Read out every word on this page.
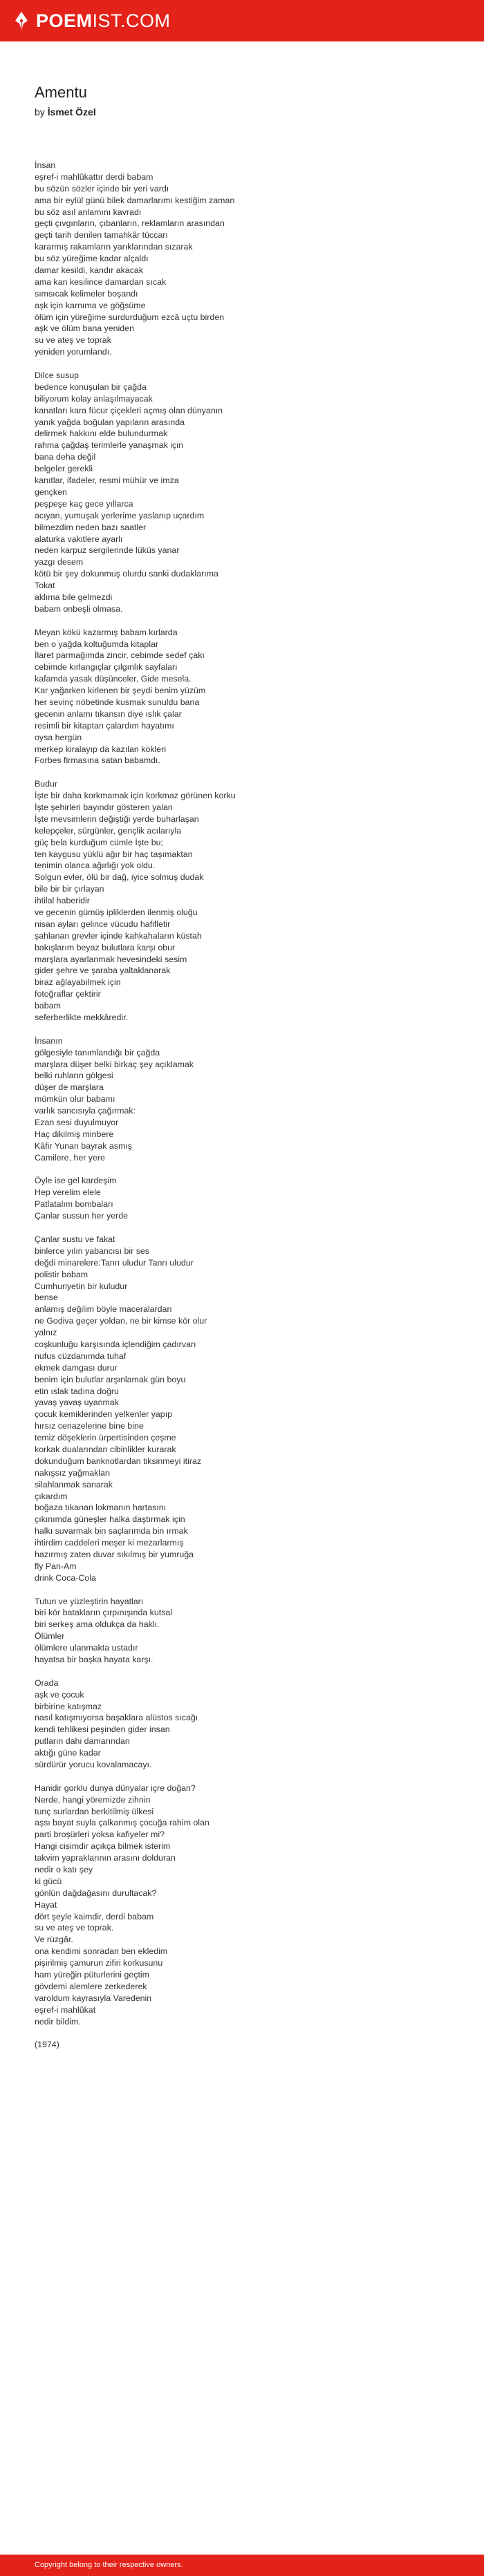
POEMIST.COM
Amentu
by İsmet Özel
İnsan
eşref-i mahlûkattır derdi babam
bu sözün sözler içinde bir yeri vardı
ama bir eylül günü bilek damarlarımı kestiğim zaman
bu söz asıl anlamını kavradı
geçti çıvgınların, çıbanların, reklamların arasından
geçti tarih denilen tamahkâr tüccarı
kararmış rakamların yarıklarından sızarak
bu söz yüreğime kadar alçaldı
damar kesildi, kandır akacak
ama kan kesilince damardan sıcak
sımsıcak kelimeler boşandı
aşk için karnıma ve göğsüme
ölüm için yüreğime surdurduğum ezcâ uçtu birden
aşk ve ölüm bana yeniden
su ve ateş ve toprak
yeniden yorumlandı.
Dilce susup
bedence konuşulan bir çağda
biliyorum kolay anlaşılmayacak
kanatları kara fücur çiçekleri açmış olan dünyanın
yanık yağda boğulan yapıların arasında
delirmek hakkını elde bulundurmak
rahma çağdaş terimlerle yanaşmak için
bana deha değil
belgeler gerekli
kanıtlar, ifadeler, resmi mühür ve imza
gençken
peşpeşe kaç gece yıllarca
acıyan, yumuşak yerlerime yaslanıp uçardım
bilmezdim neden bazı saatler
alaturka vakitlere ayarlı
neden karpuz sergilerinde lüküs yanar
yazgı desem
kötü bir şey dokunmuş olurdu sanki dudaklarıma
Tokat
aklıma bile gelmezdi
babam onbeşli olmasa.
Meyan kökü kazarmış babam kırlarda
ben o yağda koltuğumda kitaplar
İlaret parmağımda zincir, cebimde sedef çakı
cebimde kırlangıçlar çılgınlık sayfaları
kafamda yasak düşünceler, Gide mesela.
Kar yağarken kirlenen bir şeydi benim yüzüm
her sevinç nöbetinde kusmak sunuldu bana
gecenin anlamı tıkansın diye ıslık çalar
resimli bir kitaptan çalardım hayatımı
oysa hergün
merkep kiralayıp da kazılan kökleri
Forbes firmasına satan babamdı.
Budur
İşte bir daha korkmamak için korkmaz görünen korku
İşte şehirleri bayındır gösteren yalan
İşte mevsimlerin değiştiği yerde buharlaşan
kelepçeler, sürgünler, gençlik acılarıyla
güç bela kurduğum cümle İşte bu;
ten kaygusu yüklü ağır bir haç taşımaktan
tenimin olanca ağırlığı yok oldu.
Solgun evler, ölü bir dağ, iyice solmuş dudak
bile bir bir çırlayan
ihtilal haberidir
ve gecenin gümüş ipliklerden ilenmiş oluğu
nisan ayları gelince vücudu hafifletir
şahlanan grevler içinde kahkahaların küstah
bakışlarım beyaz bulutlara karşı obur
marşlara ayarlanmak hevesindeki sesim
gider şehre ve şaraba yaltaklanarak
biraz ağlayabilmek için
fotoğraflar çektirir
babam
seferberlikte mekkâredir.
İnsanın
gölgesiyle tanımlandığı bir çağda
marşlara düşer belki birkaç şey açıklamak
belki ruhların gölgesi
düşer de marşlara
mümkün olur babamı
varlık sancısıyla çağırmak:
Ezan sesi duyulmuyor
Haç dikilmiş minbere
Kâfir Yunan bayrak asmış
Camilere, her yere
Öyle ise gel kardeşim
Hep verelim elele
Patlatalım bombaları
Çanlar sussun her yerde
Çanlar sustu ve fakat
binlerce yılın yabancısı bir ses
değdi minarelere:Tanrı uludur Tanrı uludur
polistir babam
Cumhuriyetin bir kuludur
bense
anlamış değilim böyle maceralardan
ne Godiva geçer yoldan, ne bir kimse kör olur
yalnız
coşkunluğu karşısında içlendiğim çadırvarı
nufus cüzdanımda tuhaf
ekmek damgası durur
benim için bulutlar arşınlamak gün boyu
etin ıslak tadına doğru
yavaş yavaş uyanmak
çocuk kemiklerinden yelkenler yapıp
hırsız cenazelerine bine bine
temiz döşeklerin ürpertisinden çeşme
korkak dualarından cibinlikler kurarak
dokunduğum banknotlardan tiksinmeyi itiraz
nakışsız yağmakları
silahlanmak sanarak
çıkardım
boğaza tıkanan lokmanın hartasını
çıkınımda güneşler halka daştırmak için
halkı suvarmak bin saçlarımda bin ırmak
ihtirdim caddeleri meşer ki mezarlarmış
hazırmış zaten duvar sıkılmış bir yumruğa
fly Pan-Am
drink Coca-Cola
Tutun ve yüzleştirin hayatları
biri kör batakların çırpınışında kutsal
biri serkeş ama oldukça da haklı.
Ölümler
ölümlere ulanmakta ustadır
hayatsa bir başka hayata karşı.
Orada
aşk ve çocuk
birbirine katışmaz
nasıl katışmıyorsa başaklara alüstos sıcağı
kendi tehlikesi peşinden gider insan
putların dahi damarından
aktığı güne kadar
sürdürür yorucu kovalamacayı.
Hanidir gorklu dunya dünyalar içre doğan?
Nerde, hangi yöremizde zihnin
tunç surlardan berkitilmiş ülkesi
aşsı bayat suyla çalkanmış çocuğa rahim olan
parti broşürleri yoksa kafiyeler mi?
Hangi cisimdir açıkça bilmek isterim
takvim yapraklarının arasını dolduran
nedir o katı şey
ki gücü
gönlün dağdağasını durultacak?
Hayat
dört şeyle kaimdir, derdi babam
su ve ateş ve toprak.
Ve rüzgâr.
ona kendimi sonradan ben ekledim
pişirilmiş çamurun zifiri korkusunu
ham yüreğin püturlerini geçtim
gövdemi alemlere zerkederek
varoldum kayrasıyla Varedenin
eşref-i mahlûkat
nedir bildim.
(1974)
Copyright belong to their respective owners.
